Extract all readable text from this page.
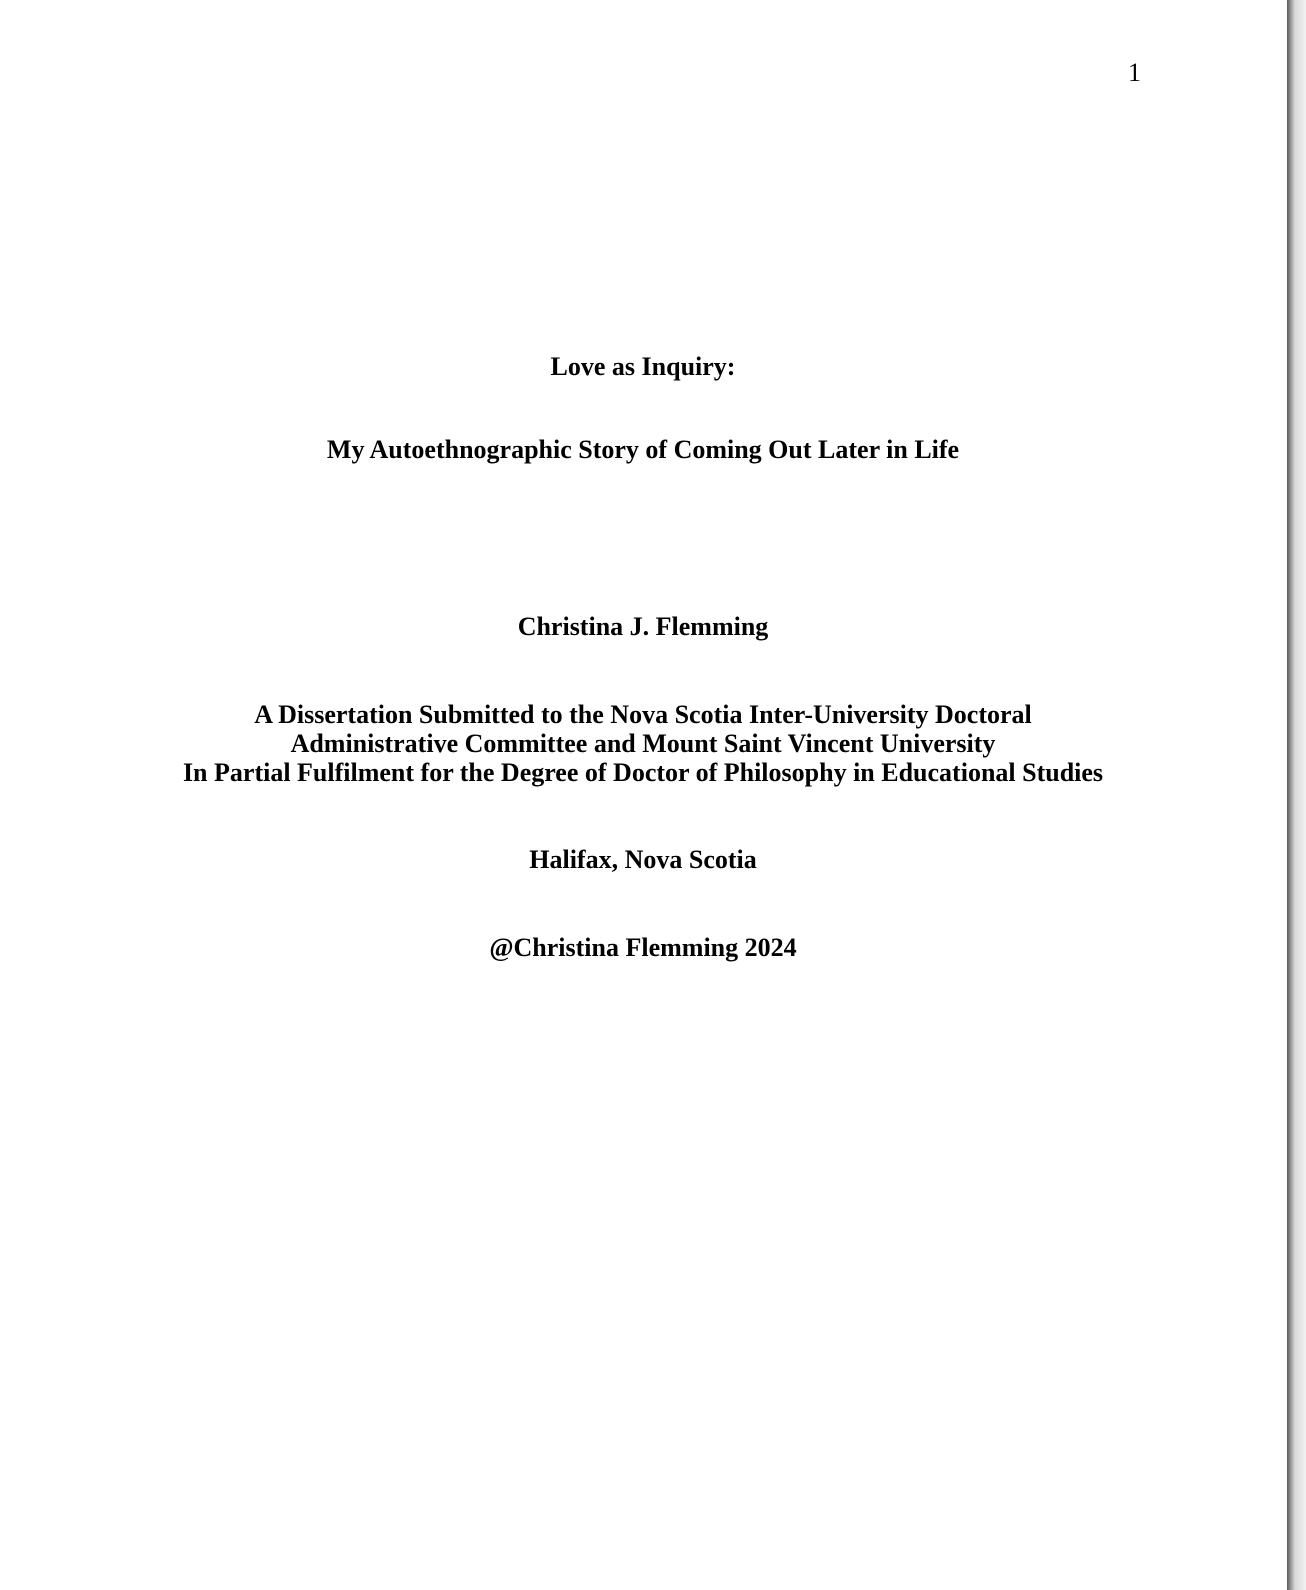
1
Love as Inquiry:
My Autoethnographic Story of Coming Out Later in Life
Christina J. Flemming
A Dissertation Submitted to the Nova Scotia Inter-University Doctoral
Administrative Committee and Mount Saint Vincent University
In Partial Fulfilment for the Degree of Doctor of Philosophy in Educational Studies
Halifax, Nova Scotia
@Christina Flemming 2024
